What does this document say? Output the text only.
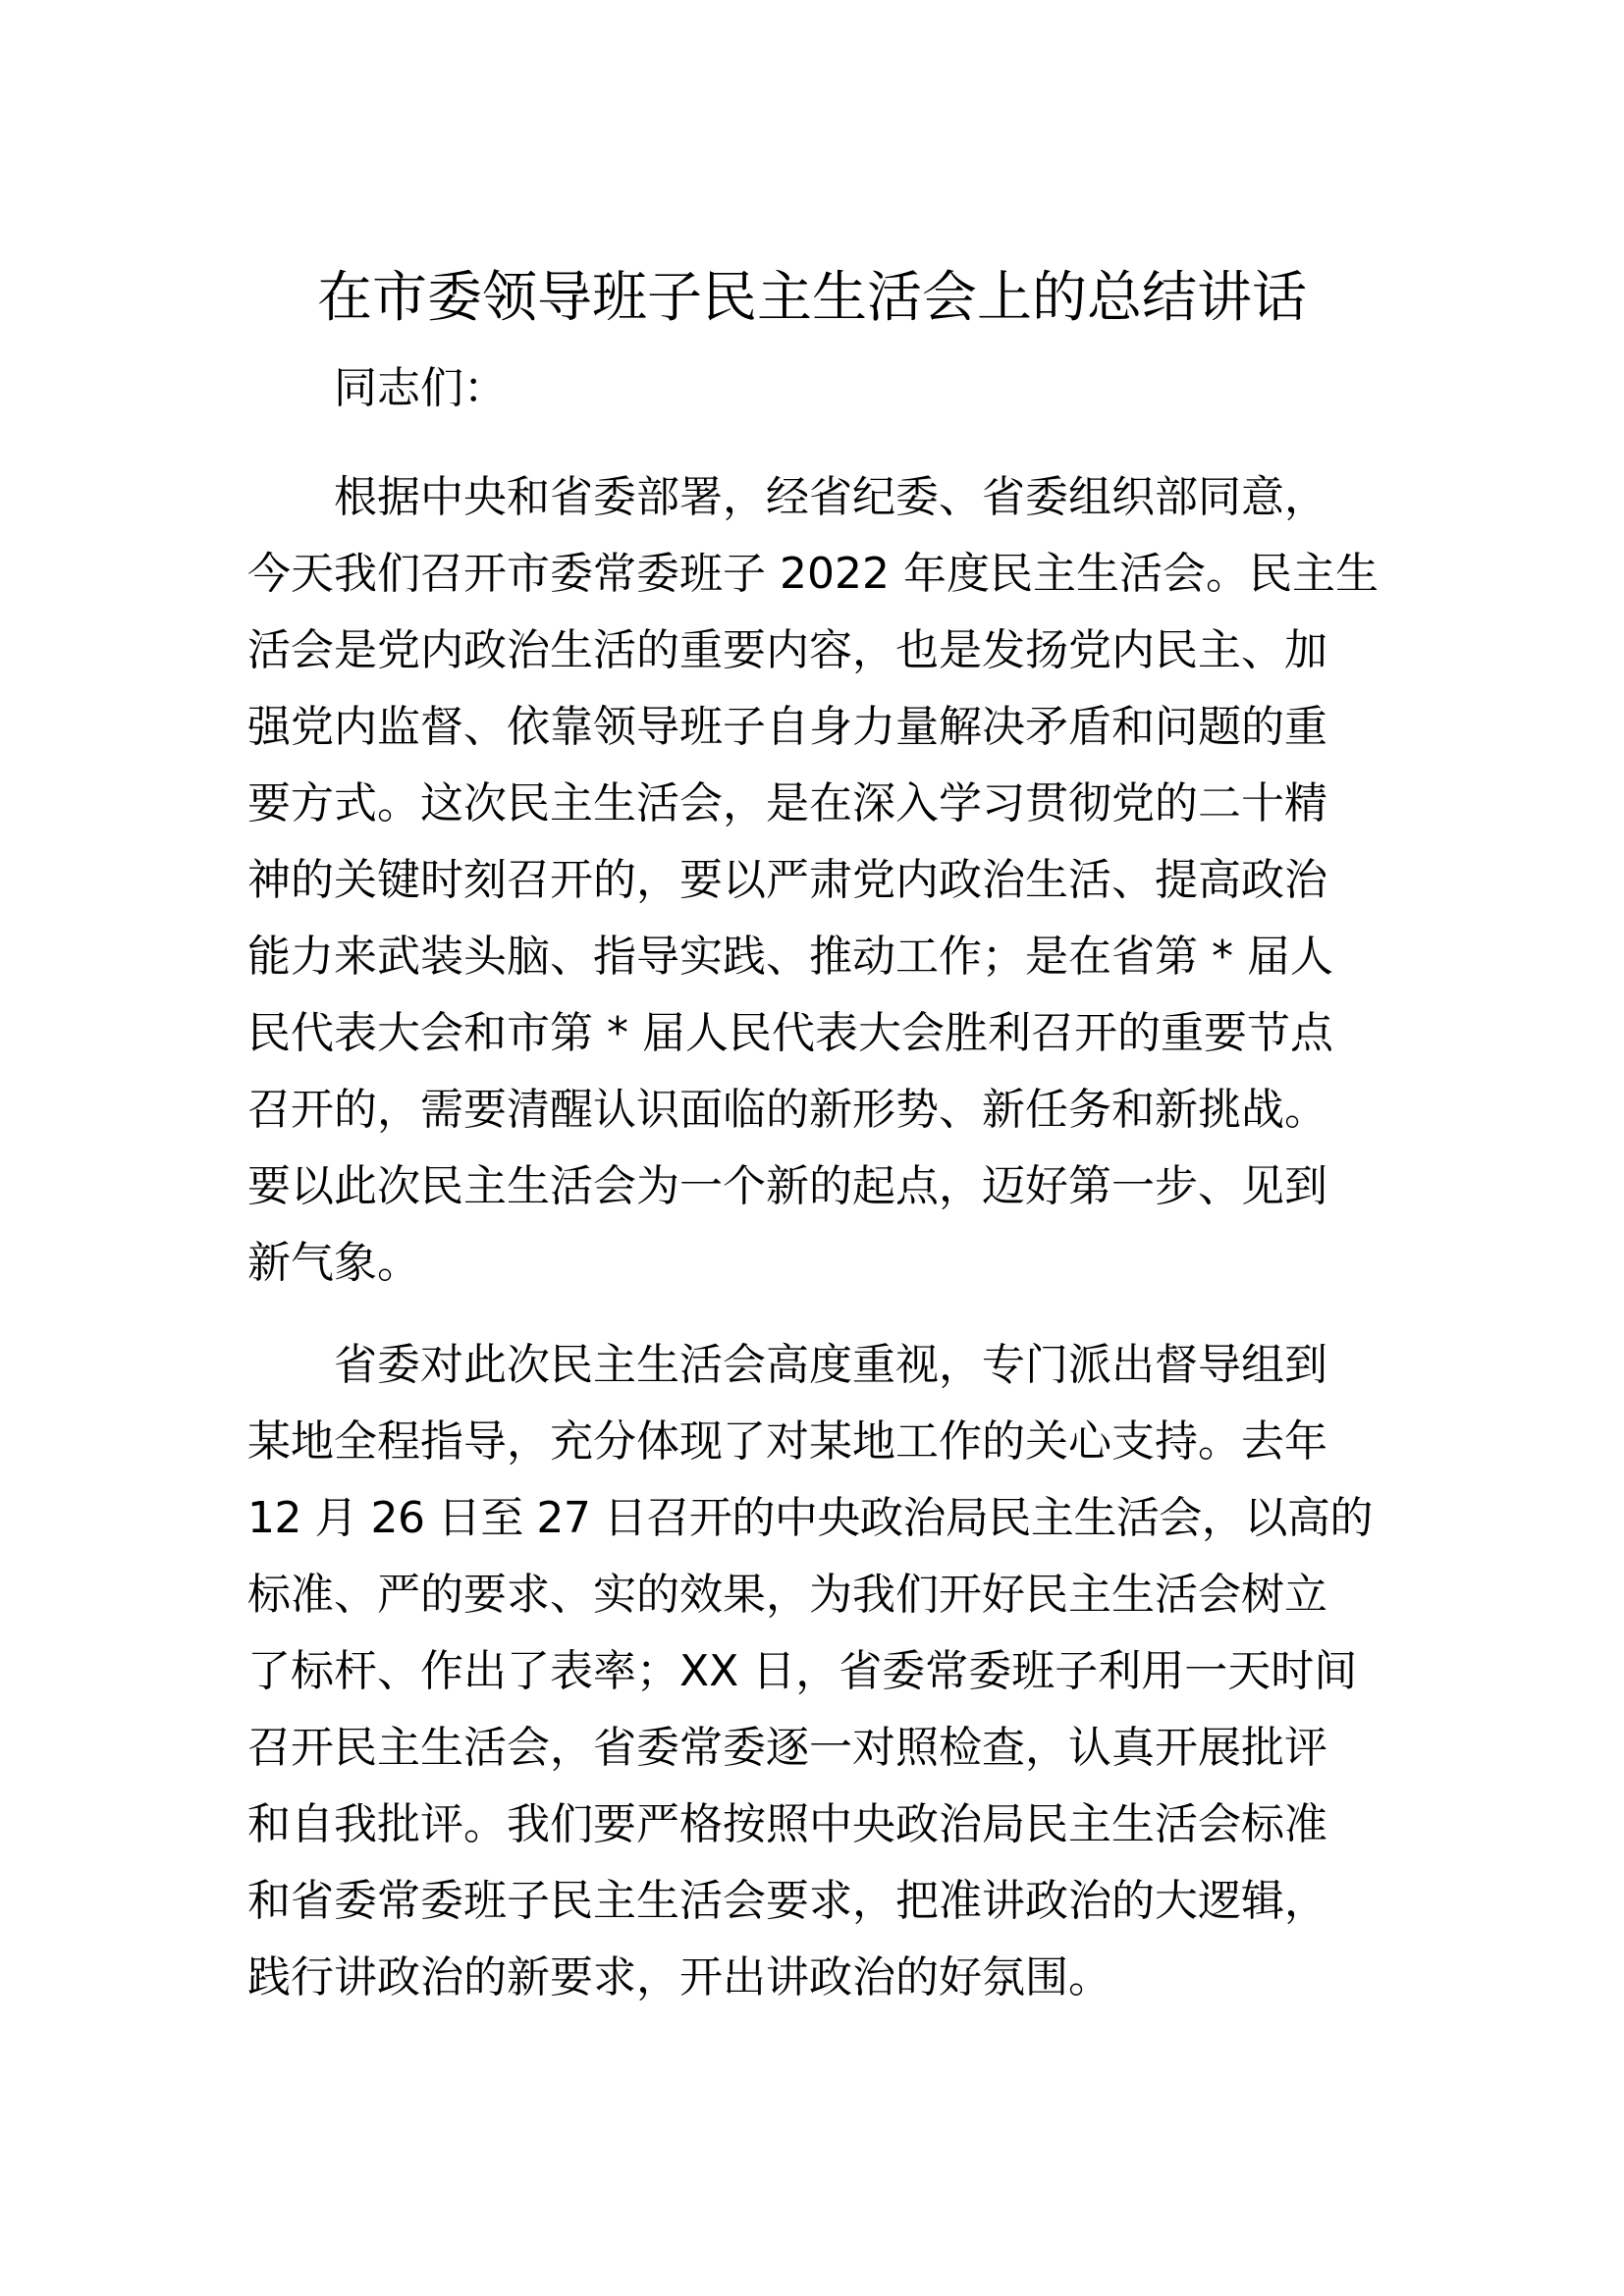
在市委领导班子民主生活会上的总结讲话
同志们：
根据中央和省委部署，经省纪委、省委组织部同意，
今天我们召开市委常委班子 2022 年度民主生活会。民主生
活会是党内政治生活的重要内容，也是发扬党内民主、加
强党内监督、依靠领导班子自身力量解决矛盾和问题的重
要方式。这次民主生活会，是在深入学习贯彻党的二十精
神的关键时刻召开的，要以严肃党内政治生活、提高政治
能力来武装头脑、指导实践、推动工作；是在省第 * 届人
民代表大会和市第 * 届人民代表大会胜利召开的重要节点
召开的，需要清醒认识面临的新形势、新任务和新挑战。
要以此次民主生活会为一个新的起点，迈好第一步、见到
新气象。
省委对此次民主生活会高度重视，专门派出督导组到
某地全程指导，充分体现了对某地工作的关心支持。去年
12 月 26 日至 27 日召开的中央政治局民主生活会，以高的
标准、严的要求、实的效果，为我们开好民主生活会树立
了标杆、作出了表率；XX 日，省委常委班子利用一天时间
召开民主生活会，省委常委逐一对照检查，认真开展批评
和自我批评。我们要严格按照中央政治局民主生活会标准
和省委常委班子民主生活会要求，把准讲政治的大逻辑，
践行讲政治的新要求，开出讲政治的好氛围。
